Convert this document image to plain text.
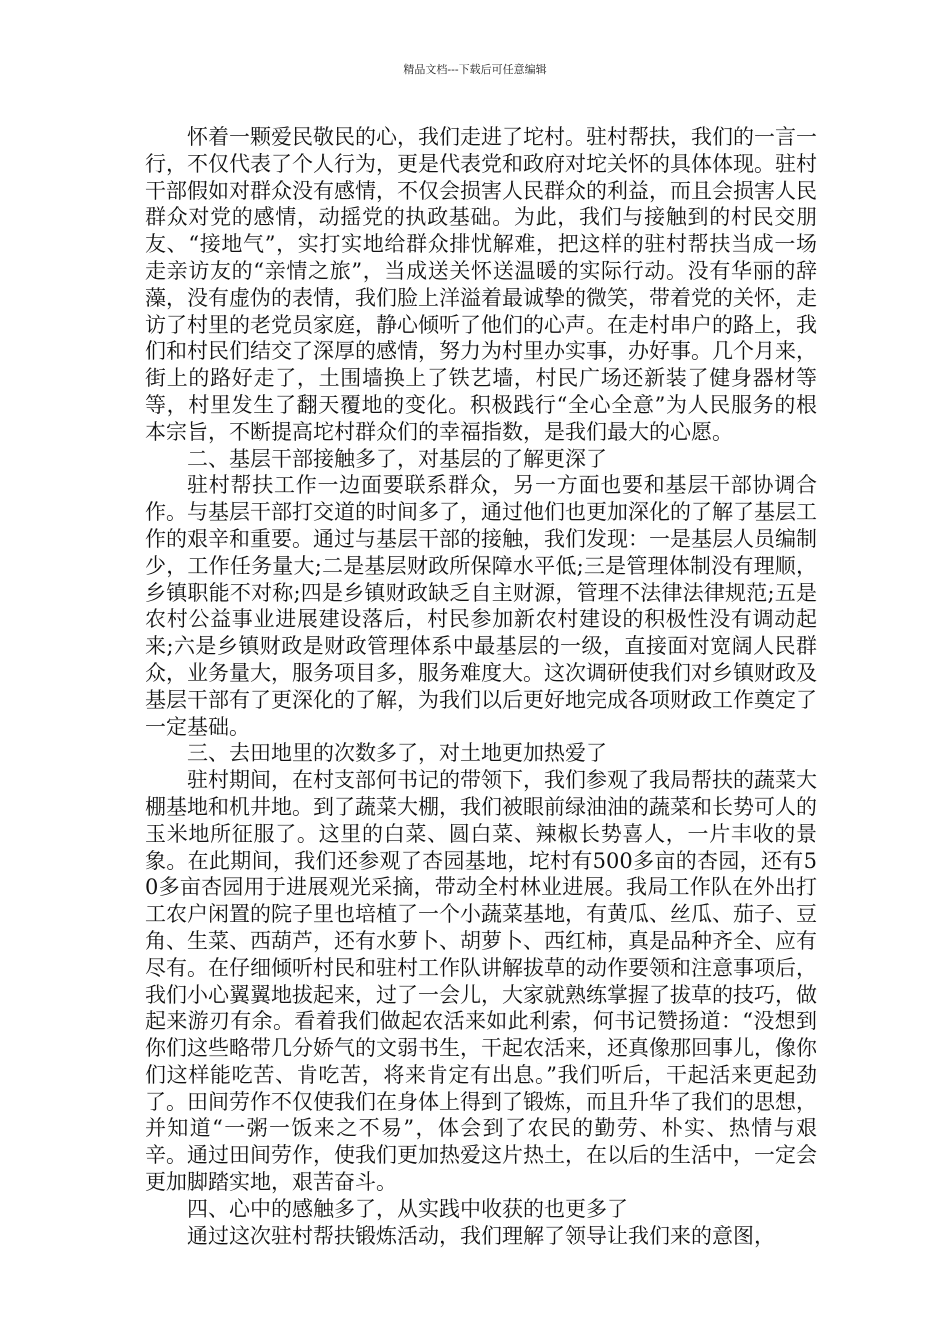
精品文档---下载后可任意编辑

怀着一颗爱民敬民的心，我们走进了坨村。驻村帮扶，我们的一言一行，不仅代表了个人行为，更是代表党和政府对坨关怀的具体体现。驻村干部假如对群众没有感情，不仅会损害人民群众的利益，而且会损害人民群众对党的感情，动摇党的执政基础。为此，我们与接触到的村民交朋友、“接地气”，实打实地给群众排忧解难，把这样的驻村帮扶当成一场走亲访友的“亲情之旅”，当成送关怀送温暖的实际行动。没有华丽的辞藻，没有虚伪的表情，我们脸上洋溢着最诚挚的微笑，带着党的关怀，走访了村里的老党员家庭，静心倾听了他们的心声。在走村串户的路上，我们和村民们结交了深厚的感情，努力为村里办实事，办好事。几个月来，街上的路好走了，土围墙换上了铁艺墙，村民广场还新装了健身器材等等，村里发生了翻天覆地的变化。积极践行“全心全意”为人民服务的根本宗旨，不断提高坨村群众们的幸福指数，是我们最大的心愿。

二、基层干部接触多了，对基层的了解更深了

驻村帮扶工作一边面要联系群众，另一方面也要和基层干部协调合作。与基层干部打交道的时间多了，通过他们也更加深化的了解了基层工作的艰辛和重要。通过与基层干部的接触，我们发现：一是基层人员编制少，工作任务量大;二是基层财政所保障水平低;三是管理体制没有理顺，乡镇职能不对称;四是乡镇财政缺乏自主财源，管理不法律法律规范;五是农村公益事业进展建设落后，村民参加新农村建设的积极性没有调动起来;六是乡镇财政是财政管理体系中最基层的一级，直接面对宽阔人民群众，业务量大，服务项目多，服务难度大。这次调研使我们对乡镇财政及基层干部有了更深化的了解，为我们以后更好地完成各项财政工作奠定了一定基础。

三、去田地里的次数多了，对土地更加热爱了

驻村期间，在村支部何书记的带领下，我们参观了我局帮扶的蔬菜大棚基地和机井地。到了蔬菜大棚，我们被眼前绿油油的蔬菜和长势可人的玉米地所征服了。这里的白菜、圆白菜、辣椒长势喜人，一片丰收的景象。在此期间，我们还参观了杏园基地，坨村有500多亩的杏园，还有50多亩杏园用于进展观光采摘，带动全村林业进展。我局工作队在外出打工农户闲置的院子里也培植了一个小蔬菜基地，有黄瓜、丝瓜、茄子、豆角、生菜、西葫芦，还有水萝卜、胡萝卜、西红柿，真是品种齐全、应有尽有。在仔细倾听村民和驻村工作队讲解拔草的动作要领和注意事项后，我们小心翼翼地拔起来，过了一会儿，大家就熟练掌握了拔草的技巧，做起来游刃有余。看着我们做起农活来如此利索，何书记赞扬道：“没想到你们这些略带几分娇气的文弱书生，干起农活来，还真像那回事儿，像你们这样能吃苦、肯吃苦，将来肯定有出息。”我们听后，干起活来更起劲了。田间劳作不仅使我们在身体上得到了锻炼，而且升华了我们的思想，并知道“一粥一饭来之不易”，体会到了农民的勤劳、朴实、热情与艰辛。通过田间劳作，使我们更加热爱这片热土，在以后的生活中，一定会更加脚踏实地，艰苦奋斗。

四、心中的感触多了，从实践中收获的也更多了

通过这次驻村帮扶锻炼活动，我们理解了领导让我们来的意图，
